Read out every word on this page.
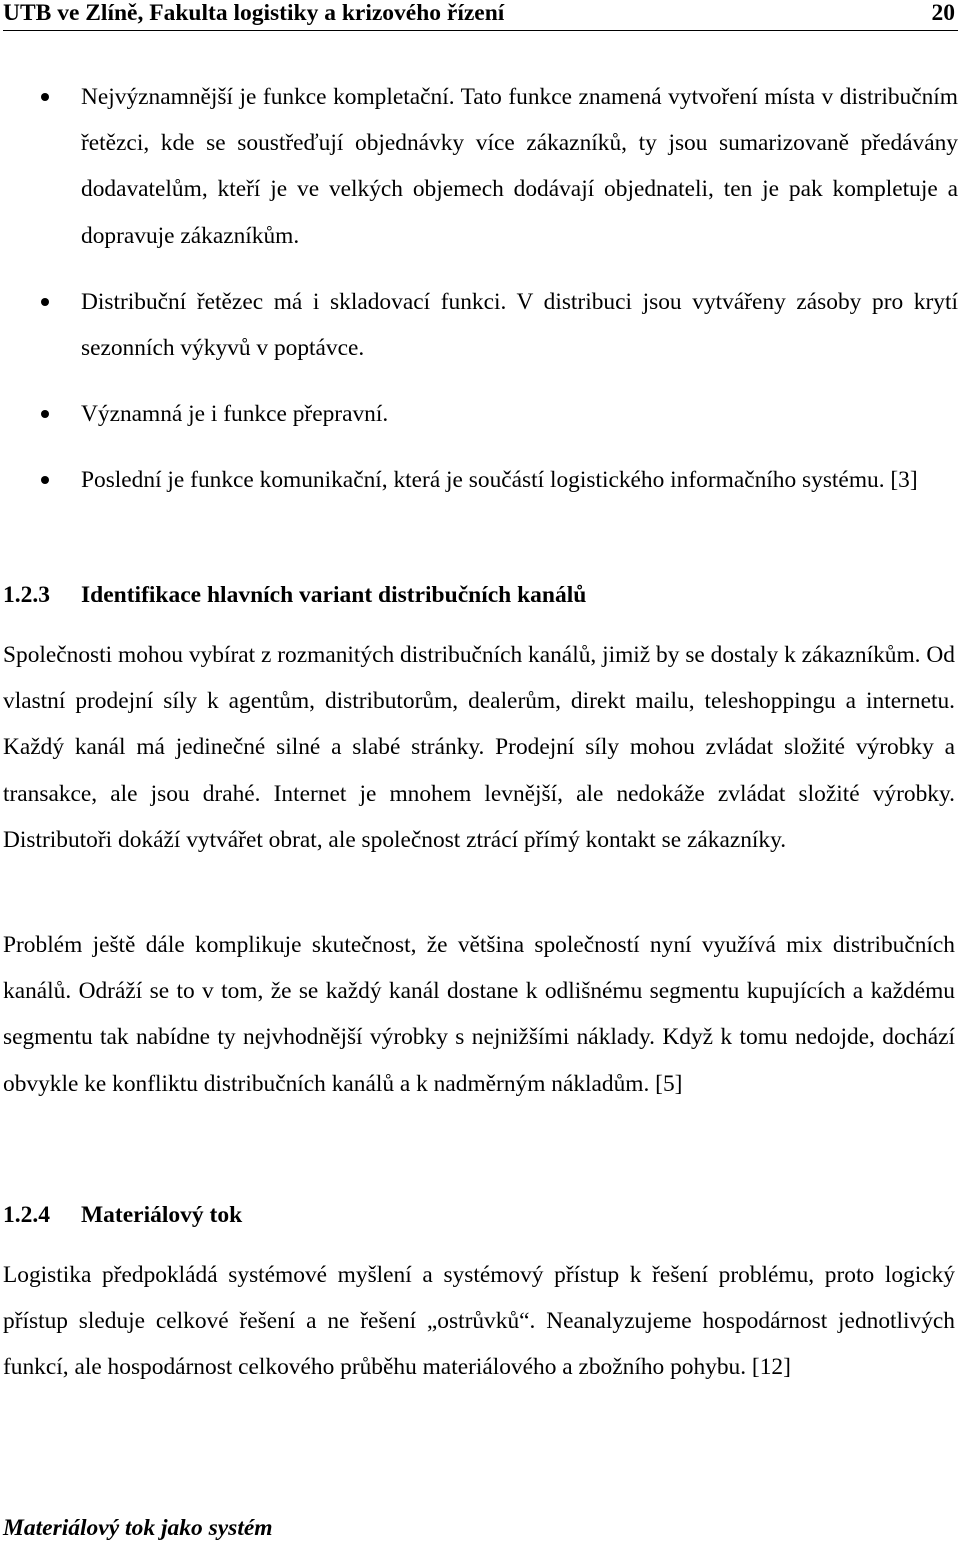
UTB ve Zlíně, Fakulta logistiky a krizového řízení	20
Nejvýznamnější je funkce kompletační. Tato funkce znamená vytvoření místa v distribučním řetězci, kde se soustřeďují objednávky více zákazníků, ty jsou sumarizovaně předávány dodavatelům, kteří je ve velkých objemech dodávají objednateli, ten je pak kompletuje a dopravuje zákazníkům.
Distribuční řetězec má i skladovací funkci. V distribuci jsou vytvářeny zásoby pro krytí sezonních výkyvů v poptávce.
Významná je i funkce přepravní.
Poslední je funkce komunikační, která je součástí logistického informačního systému. [3]
1.2.3 Identifikace hlavních variant distribučních kanálů

Společnosti mohou vybírat z rozmanitých distribučních kanálů, jimiž by se dostaly k zákazníkům. Od vlastní prodejní síly k agentům, distributorům, dealerům, direkt mailu, teleshoppingu a internetu. Každý kanál má jedinečné silné a slabé stránky. Prodejní síly mohou zvládat složité výrobky a transakce, ale jsou drahé. Internet je mnohem levnější, ale nedokáže zvládat složité výrobky. Distributoři dokáží vytvářet obrat, ale společnost ztrácí přímý kontakt se zákazníky.

Problém ještě dále komplikuje skutečnost, že většina společností nyní využívá mix distribučních kanálů. Odráží se to v tom, že se každý kanál dostane k odlišnému segmentu kupujících a každému segmentu tak nabídne ty nejvhodnější výrobky s nejnižšími náklady. Když k tomu nedojde, dochází obvykle ke konfliktu distribučních kanálů a k nadměrným nákladům. [5]

1.2.4 Materiálový tok

Logistika předpokládá systémové myšlení a systémový přístup k řešení problému, proto logický přístup sleduje celkové řešení a ne řešení „ostrůvků“. Neanalyzujeme hospodárnost jednotlivých funkcí, ale hospodárnost celkového průběhu materiálového a zbožního pohybu. [12]

Materiálový tok jako systém
